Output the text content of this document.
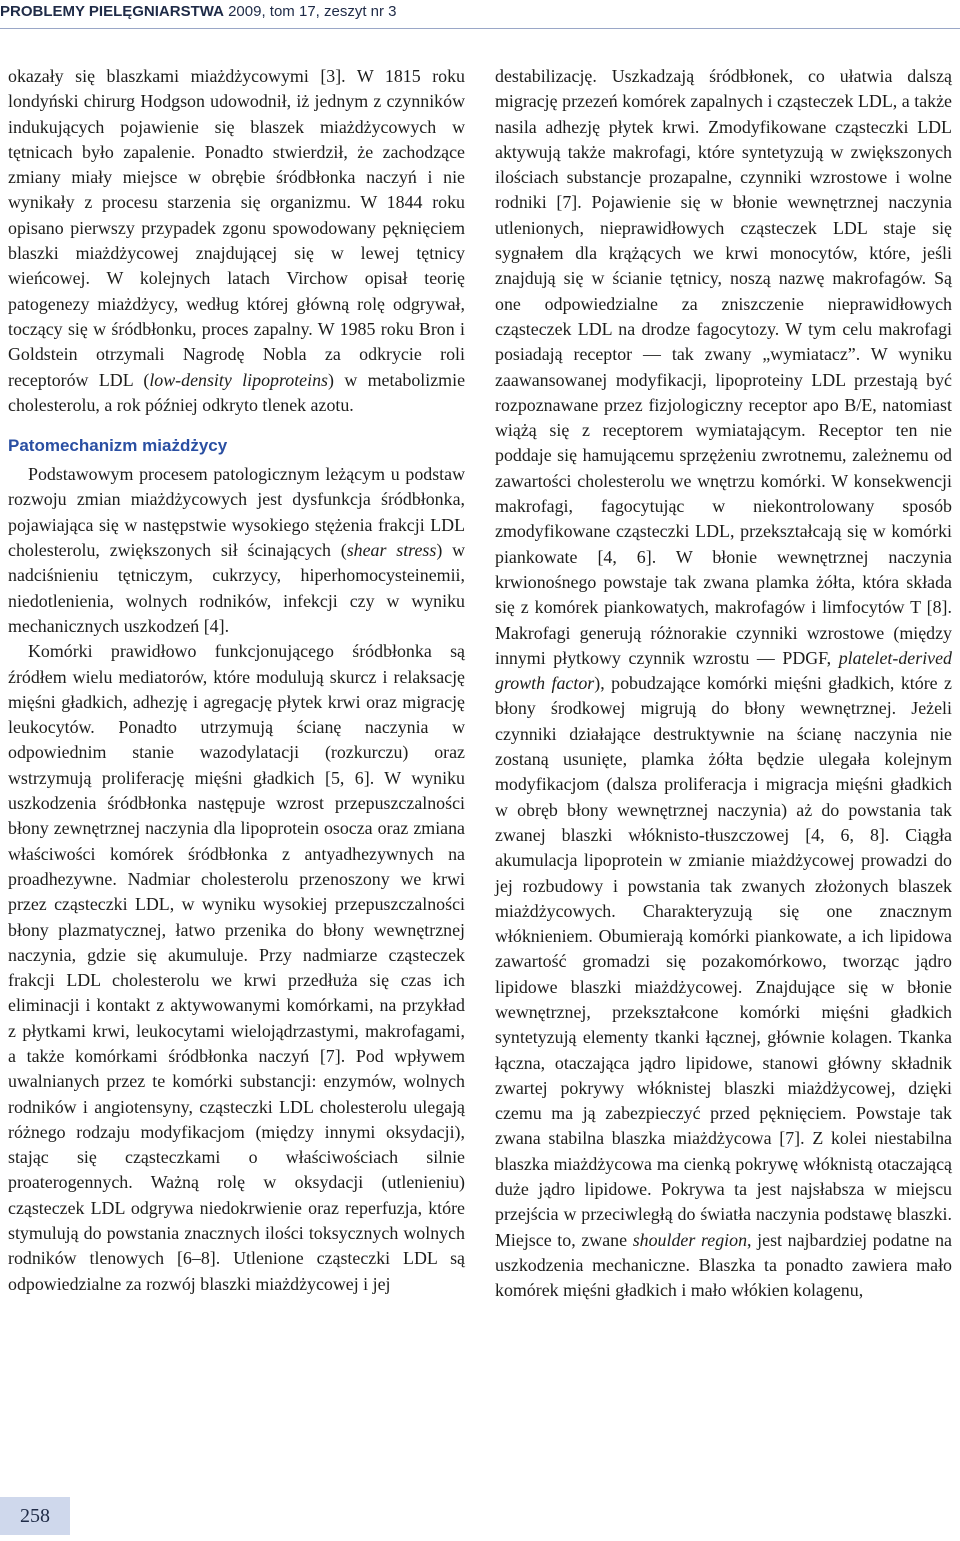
PROBLEMY PIELĘGNIARSTWA 2009, tom 17, zeszyt nr 3

okazały się blaszkami miażdżycowymi [3]. W 1815 roku londyński chirurg Hodgson udowodnił, iż jednym z czynników indukujących pojawienie się blaszek miażdżycowych w tętnicach było zapalenie. Ponadto stwierdził, że zachodzące zmiany miały miejsce w obrębie śródbłonka naczyń i nie wynikały z procesu starzenia się organizmu. W 1844 roku opisano pierwszy przypadek zgonu spowodowany pęknięciem blaszki miażdżycowej znajdującej się w lewej tętnicy wieńcowej. W kolejnych latach Virchow opisał teorię patogenezy miażdżycy, według której główną rolę odgrywał, toczący się w śródbłonku, proces zapalny. W 1985 roku Bron i Goldstein otrzymali Nagrodę Nobla za odkrycie roli receptorów LDL (low-density lipoproteins) w metabolizmie cholesterolu, a rok później odkryto tlenek azotu.

Patomechanizm miażdżycy

Podstawowym procesem patologicznym leżącym u podstaw rozwoju zmian miażdżycowych jest dysfunkcja śródbłonka, pojawiająca się w następstwie wysokiego stężenia frakcji LDL cholesterolu, zwiększonych sił ścinających (shear stress) w nadciśnieniu tętniczym, cukrzycy, hiperhomocysteinemii, niedotlenienia, wolnych rodników, infekcji czy w wyniku mechanicznych uszkodzeń [4].

Komórki prawidłowo funkcjonującego śródbłonka są źródłem wielu mediatorów, które modulują skurcz i relaksację mięśni gładkich, adhezję i agregację płytek krwi oraz migrację leukocytów. Ponadto utrzymują ścianę naczynia w odpowiednim stanie wazodylatacji (rozkurczu) oraz wstrzymują proliferację mięśni gładkich [5, 6]. W wyniku uszkodzenia śródbłonka następuje wzrost przepuszczalności błony zewnętrznej naczynia dla lipoprotein osocza oraz zmiana właściwości komórek śródbłonka z antyadhezywnych na proadhezywne. Nadmiar cholesterolu przenoszony we krwi przez cząsteczki LDL, w wyniku wysokiej przepuszczalności błony plazmatycznej, łatwo przenika do błony wewnętrznej naczynia, gdzie się akumuluje. Przy nadmiarze cząsteczek frakcji LDL cholesterolu we krwi przedłuża się czas ich eliminacji i kontakt z aktywowanymi komórkami, na przykład z płytkami krwi, leukocytami wielojądrzastymi, makrofagami, a także komórkami śródbłonka naczyń [7]. Pod wpływem uwalnianych przez te komórki substancji: enzymów, wolnych rodników i angiotensyny, cząsteczki LDL cholesterolu ulegają różnego rodzaju modyfikacjom (między innymi oksydacji), stając się cząsteczkami o właściwościach silnie proaterogennych. Ważną rolę w oksydacji (utlenieniu) cząsteczek LDL odgrywa niedokrwienie oraz reperfuzja, które stymulują do powstania znacznych ilości toksycznych wolnych rodników tlenowych [6–8]. Utlenione cząsteczki LDL są odpowiedzialne za rozwój blaszki miażdżycowej i jej

destabilizację. Uszkadzają śródbłonek, co ułatwia dalszą migrację przezeń komórek zapalnych i cząsteczek LDL, a także nasila adhezję płytek krwi. Zmodyfikowane cząsteczki LDL aktywują także makrofagi, które syntetyzują w zwiększonych ilościach substancje prozapalne, czynniki wzrostowe i wolne rodniki [7]. Pojawienie się w błonie wewnętrznej naczynia utlenionych, nieprawidłowych cząsteczek LDL staje się sygnałem dla krążących we krwi monocytów, które, jeśli znajdują się w ścianie tętnicy, noszą nazwę makrofagów. Są one odpowiedzialne za zniszczenie nieprawidłowych cząsteczek LDL na drodze fagocytozy. W tym celu makrofagi posiadają receptor — tak zwany „wymiatacz”. W wyniku zaawansowanej modyfikacji, lipoproteiny LDL przestają być rozpoznawane przez fizjologiczny receptor apo B/E, natomiast wiążą się z receptorem wymiatającym. Receptor ten nie poddaje się hamującemu sprzężeniu zwrotnemu, zależnemu od zawartości cholesterolu we wnętrzu komórki. W konsekwencji makrofagi, fagocytując w niekontrolowany sposób zmodyfikowane cząsteczki LDL, przekształcają się w komórki piankowate [4, 6]. W błonie wewnętrznej naczynia krwionośnego powstaje tak zwana plamka żółta, która składa się z komórek piankowatych, makrofagów i limfocytów T [8]. Makrofagi generują różnorakie czynniki wzrostowe (między innymi płytkowy czynnik wzrostu — PDGF, platelet-derived growth factor), pobudzające komórki mięśni gładkich, które z błony środkowej migrują do błony wewnętrznej. Jeżeli czynniki działające destruktywnie na ścianę naczynia nie zostaną usunięte, plamka żółta będzie ulegała kolejnym modyfikacjom (dalsza proliferacja i migracja mięśni gładkich w obręb błony wewnętrznej naczynia) aż do powstania tak zwanej blaszki włóknisto-tłuszczowej [4, 6, 8]. Ciągła akumulacja lipoprotein w zmianie miażdżycowej prowadzi do jej rozbudowy i powstania tak zwanych złożonych blaszek miażdżycowych. Charakteryzują się one znacznym włóknieniem. Obumierają komórki piankowate, a ich lipidowa zawartość gromadzi się pozakomórkowo, tworząc jądro lipidowe blaszki miażdżycowej. Znajdujące się w błonie wewnętrznej, przekształcone komórki mięśni gładkich syntetyzują elementy tkanki łącznej, głównie kolagen. Tkanka łączna, otaczająca jądro lipidowe, stanowi główny składnik zwartej pokrywy włóknistej blaszki miażdżycowej, dzięki czemu ma ją zabezpieczyć przed pęknięciem. Powstaje tak zwana stabilna blaszka miażdżycowa [7]. Z kolei niestabilna blaszka miażdżycowa ma cienką pokrywę włóknistą otaczającą duże jądro lipidowe. Pokrywa ta jest najsłabsza w miejscu przejścia w przeciwległą do światła naczynia podstawę blaszki. Miejsce to, zwane shoulder region, jest najbardziej podatne na uszkodzenia mechaniczne. Blaszka ta ponadto zawiera mało komórek mięśni gładkich i mało włókien kolagenu,

258
